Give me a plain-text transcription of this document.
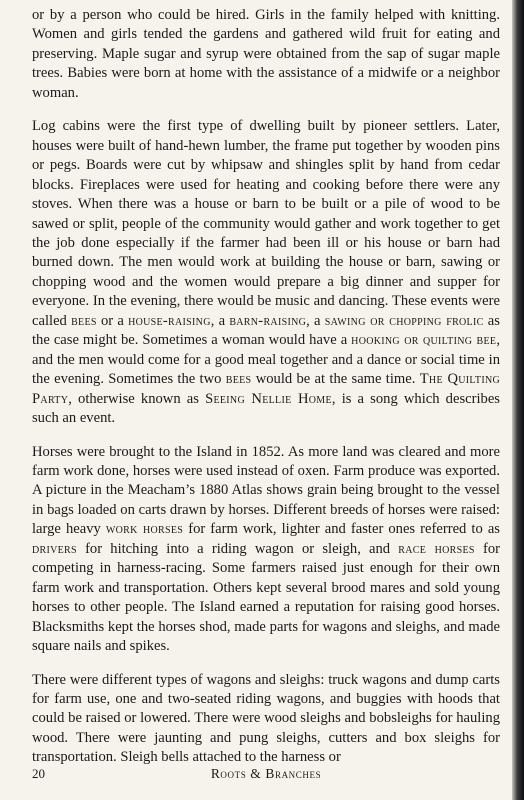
or by a person who could be hired. Girls in the family helped with knitting. Women and girls tended the gardens and gathered wild fruit for eating and preserving. Maple sugar and syrup were obtained from the sap of sugar maple trees. Babies were born at home with the assistance of a midwife or a neighbor woman.

Log cabins were the first type of dwelling built by pioneer settlers. Later, houses were built of hand-hewn lumber, the frame put together by wooden pins or pegs. Boards were cut by whipsaw and shingles split by hand from cedar blocks. Fireplaces were used for heating and cooking before there were any stoves. When there was a house or barn to be built or a pile of wood to be sawed or split, people of the community would gather and work together to get the job done especially if the farmer had been ill or his house or barn had burned down. The men would work at building the house or barn, sawing or chopping wood and the women would prepare a big dinner and supper for everyone. In the evening, there would be music and dancing. These events were called bees or a house-raising, a barn-raising, a sawing or chopping frolic as the case might be. Sometimes a woman would have a hooking or quilting bee, and the men would come for a good meal together and a dance or social time in the evening. Sometimes the two bees would be at the same time. The Quilting Party, otherwise known as Seeing Nellie Home, is a song which describes such an event.

Horses were brought to the Island in 1852. As more land was cleared and more farm work done, horses were used instead of oxen. Farm produce was exported. A picture in the Meacham’s 1880 Atlas shows grain being brought to the vessel in bags loaded on carts drawn by horses. Different breeds of horses were raised: large heavy work horses for farm work, lighter and faster ones referred to as drivers for hitching into a riding wagon or sleigh, and race horses for competing in harness-racing. Some farmers raised just enough for their own farm work and transportation. Others kept several brood mares and sold young horses to other people. The Island earned a reputation for raising good horses. Blacksmiths kept the horses shod, made parts for wagons and sleighs, and made square nails and spikes.

There were different types of wagons and sleighs: truck wagons and dump carts for farm use, one and two-seated riding wagons, and buggies with hoods that could be raised or lowered. There were wood sleighs and bobsleighs for hauling wood. There were jaunting and pung sleighs, cutters and box sleighs for transportation. Sleigh bells attached to the harness or

20	Roots & Branches
